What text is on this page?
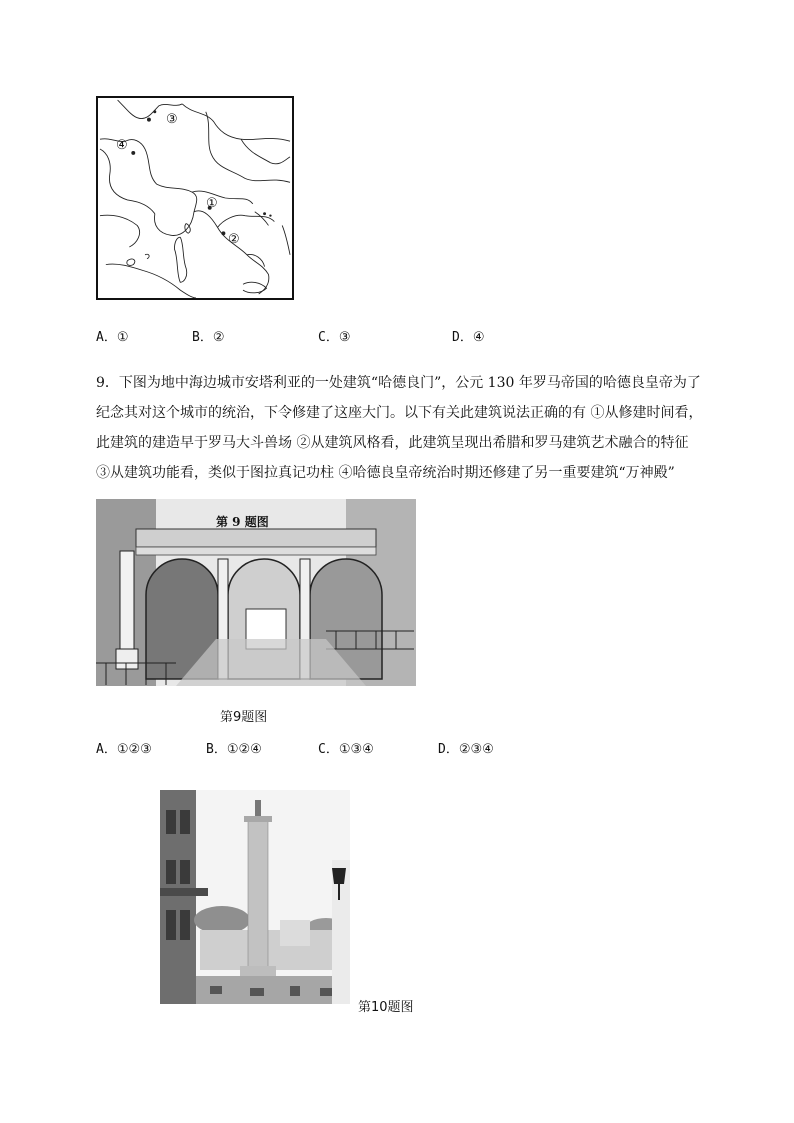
③
④
①
②
A．①	B．②	C．③	D．④
9．下图为地中海边城市安塔利亚的一处建筑“哈德良门”，公元 130 年罗马帝国的哈德良皇帝为了
纪念其对这个城市的统治，下令修建了这座大门。以下有关此建筑说法正确的有 ①从修建时间看，
此建筑的建造早于罗马大斗兽场 ②从建筑风格看，此建筑呈现出希腊和罗马建筑艺术融合的特征
③从建筑功能看，类似于图拉真记功柱 ④哈德良皇帝统治时期还修建了另一重要建筑“万神殿”
第 9 题图
第9题图
A．①②③	B．①②④	C．①③④	D．②③④
第10题图
